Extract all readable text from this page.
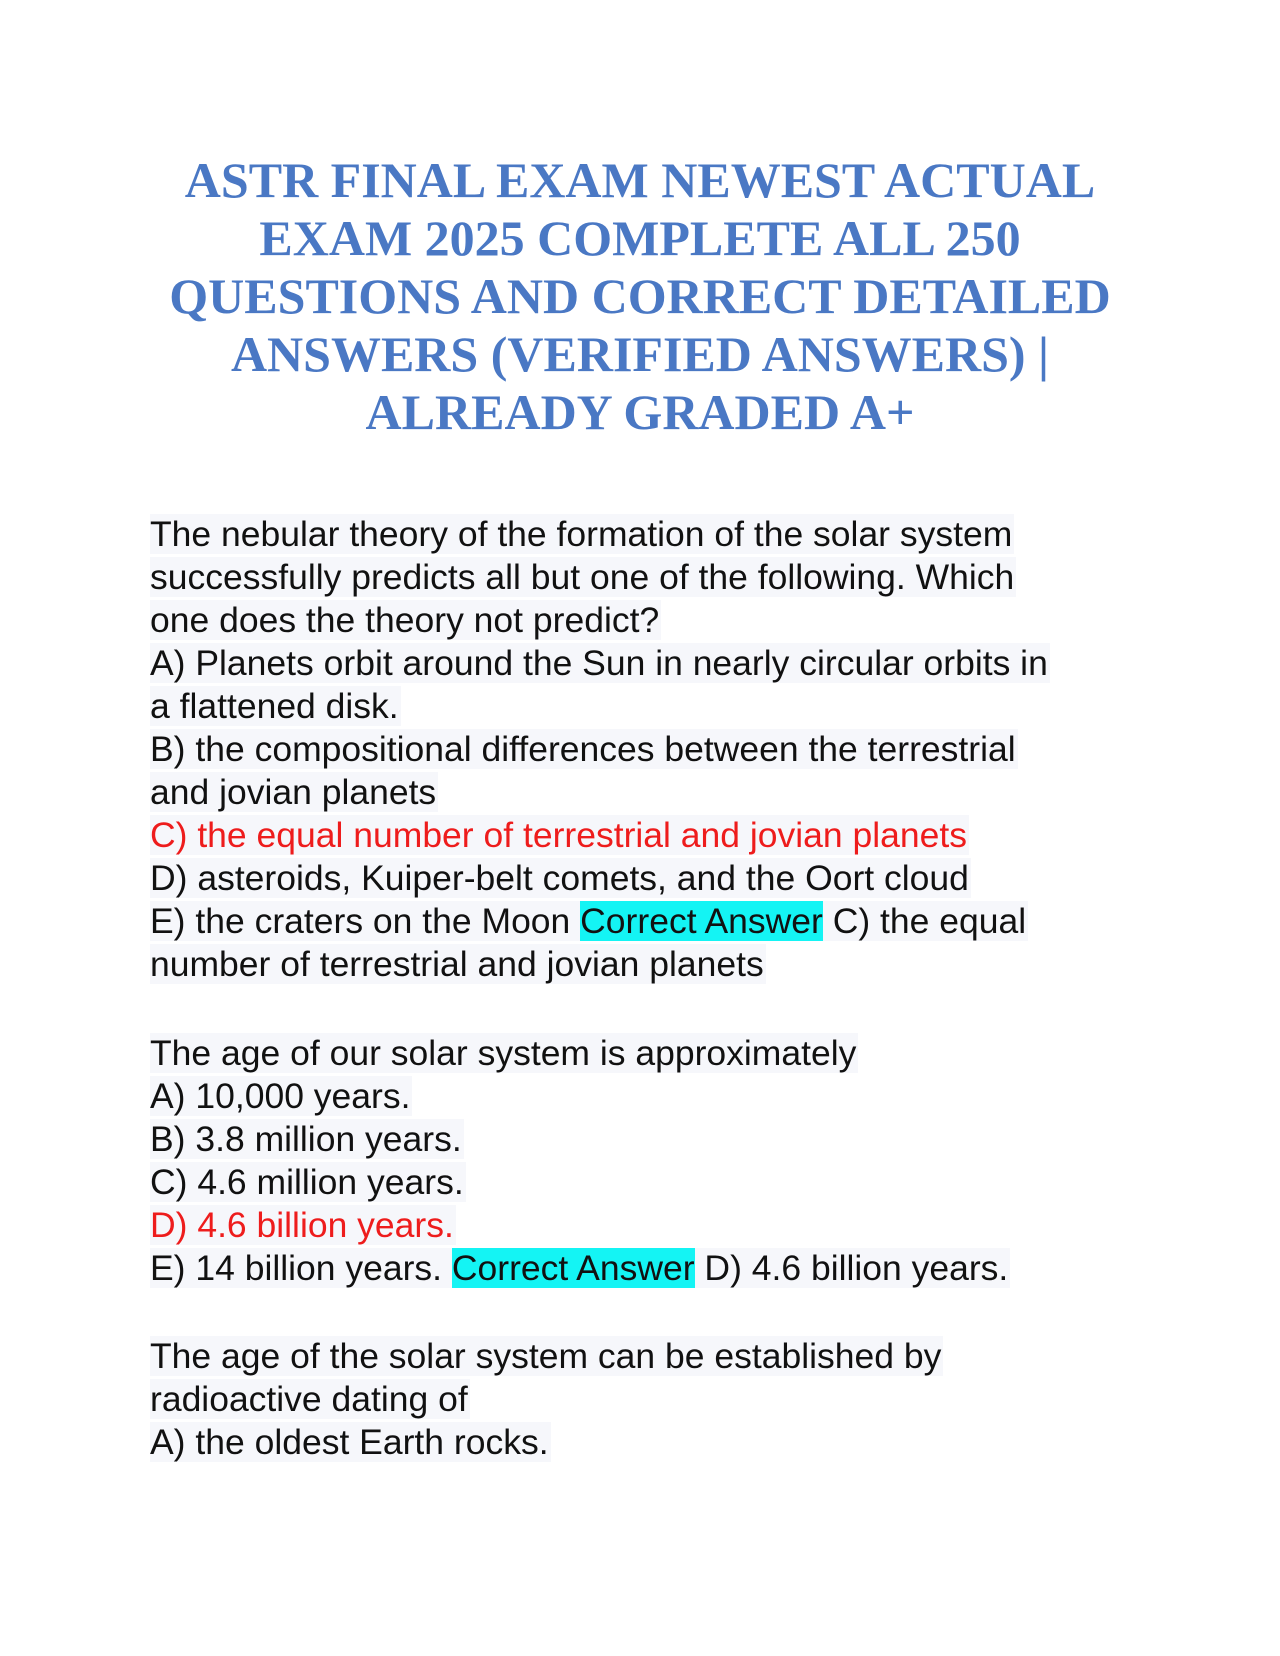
ASTR FINAL EXAM NEWEST ACTUAL
EXAM 2025 COMPLETE ALL 250
QUESTIONS AND CORRECT DETAILED
ANSWERS (VERIFIED ANSWERS) |
ALREADY GRADED A+
The nebular theory of the formation of the solar system
successfully predicts all but one of the following. Which
one does the theory not predict?
A) Planets orbit around the Sun in nearly circular orbits in
a flattened disk.
B) the compositional differences between the terrestrial
and jovian planets
C) the equal number of terrestrial and jovian planets
D) asteroids, Kuiper-belt comets, and the Oort cloud
E) the craters on the Moon Correct Answer C) the equal
number of terrestrial and jovian planets
The age of our solar system is approximately
A) 10,000 years.
B) 3.8 million years.
C) 4.6 million years.
D) 4.6 billion years.
E) 14 billion years. Correct Answer D) 4.6 billion years.
The age of the solar system can be established by
radioactive dating of
A) the oldest Earth rocks.
